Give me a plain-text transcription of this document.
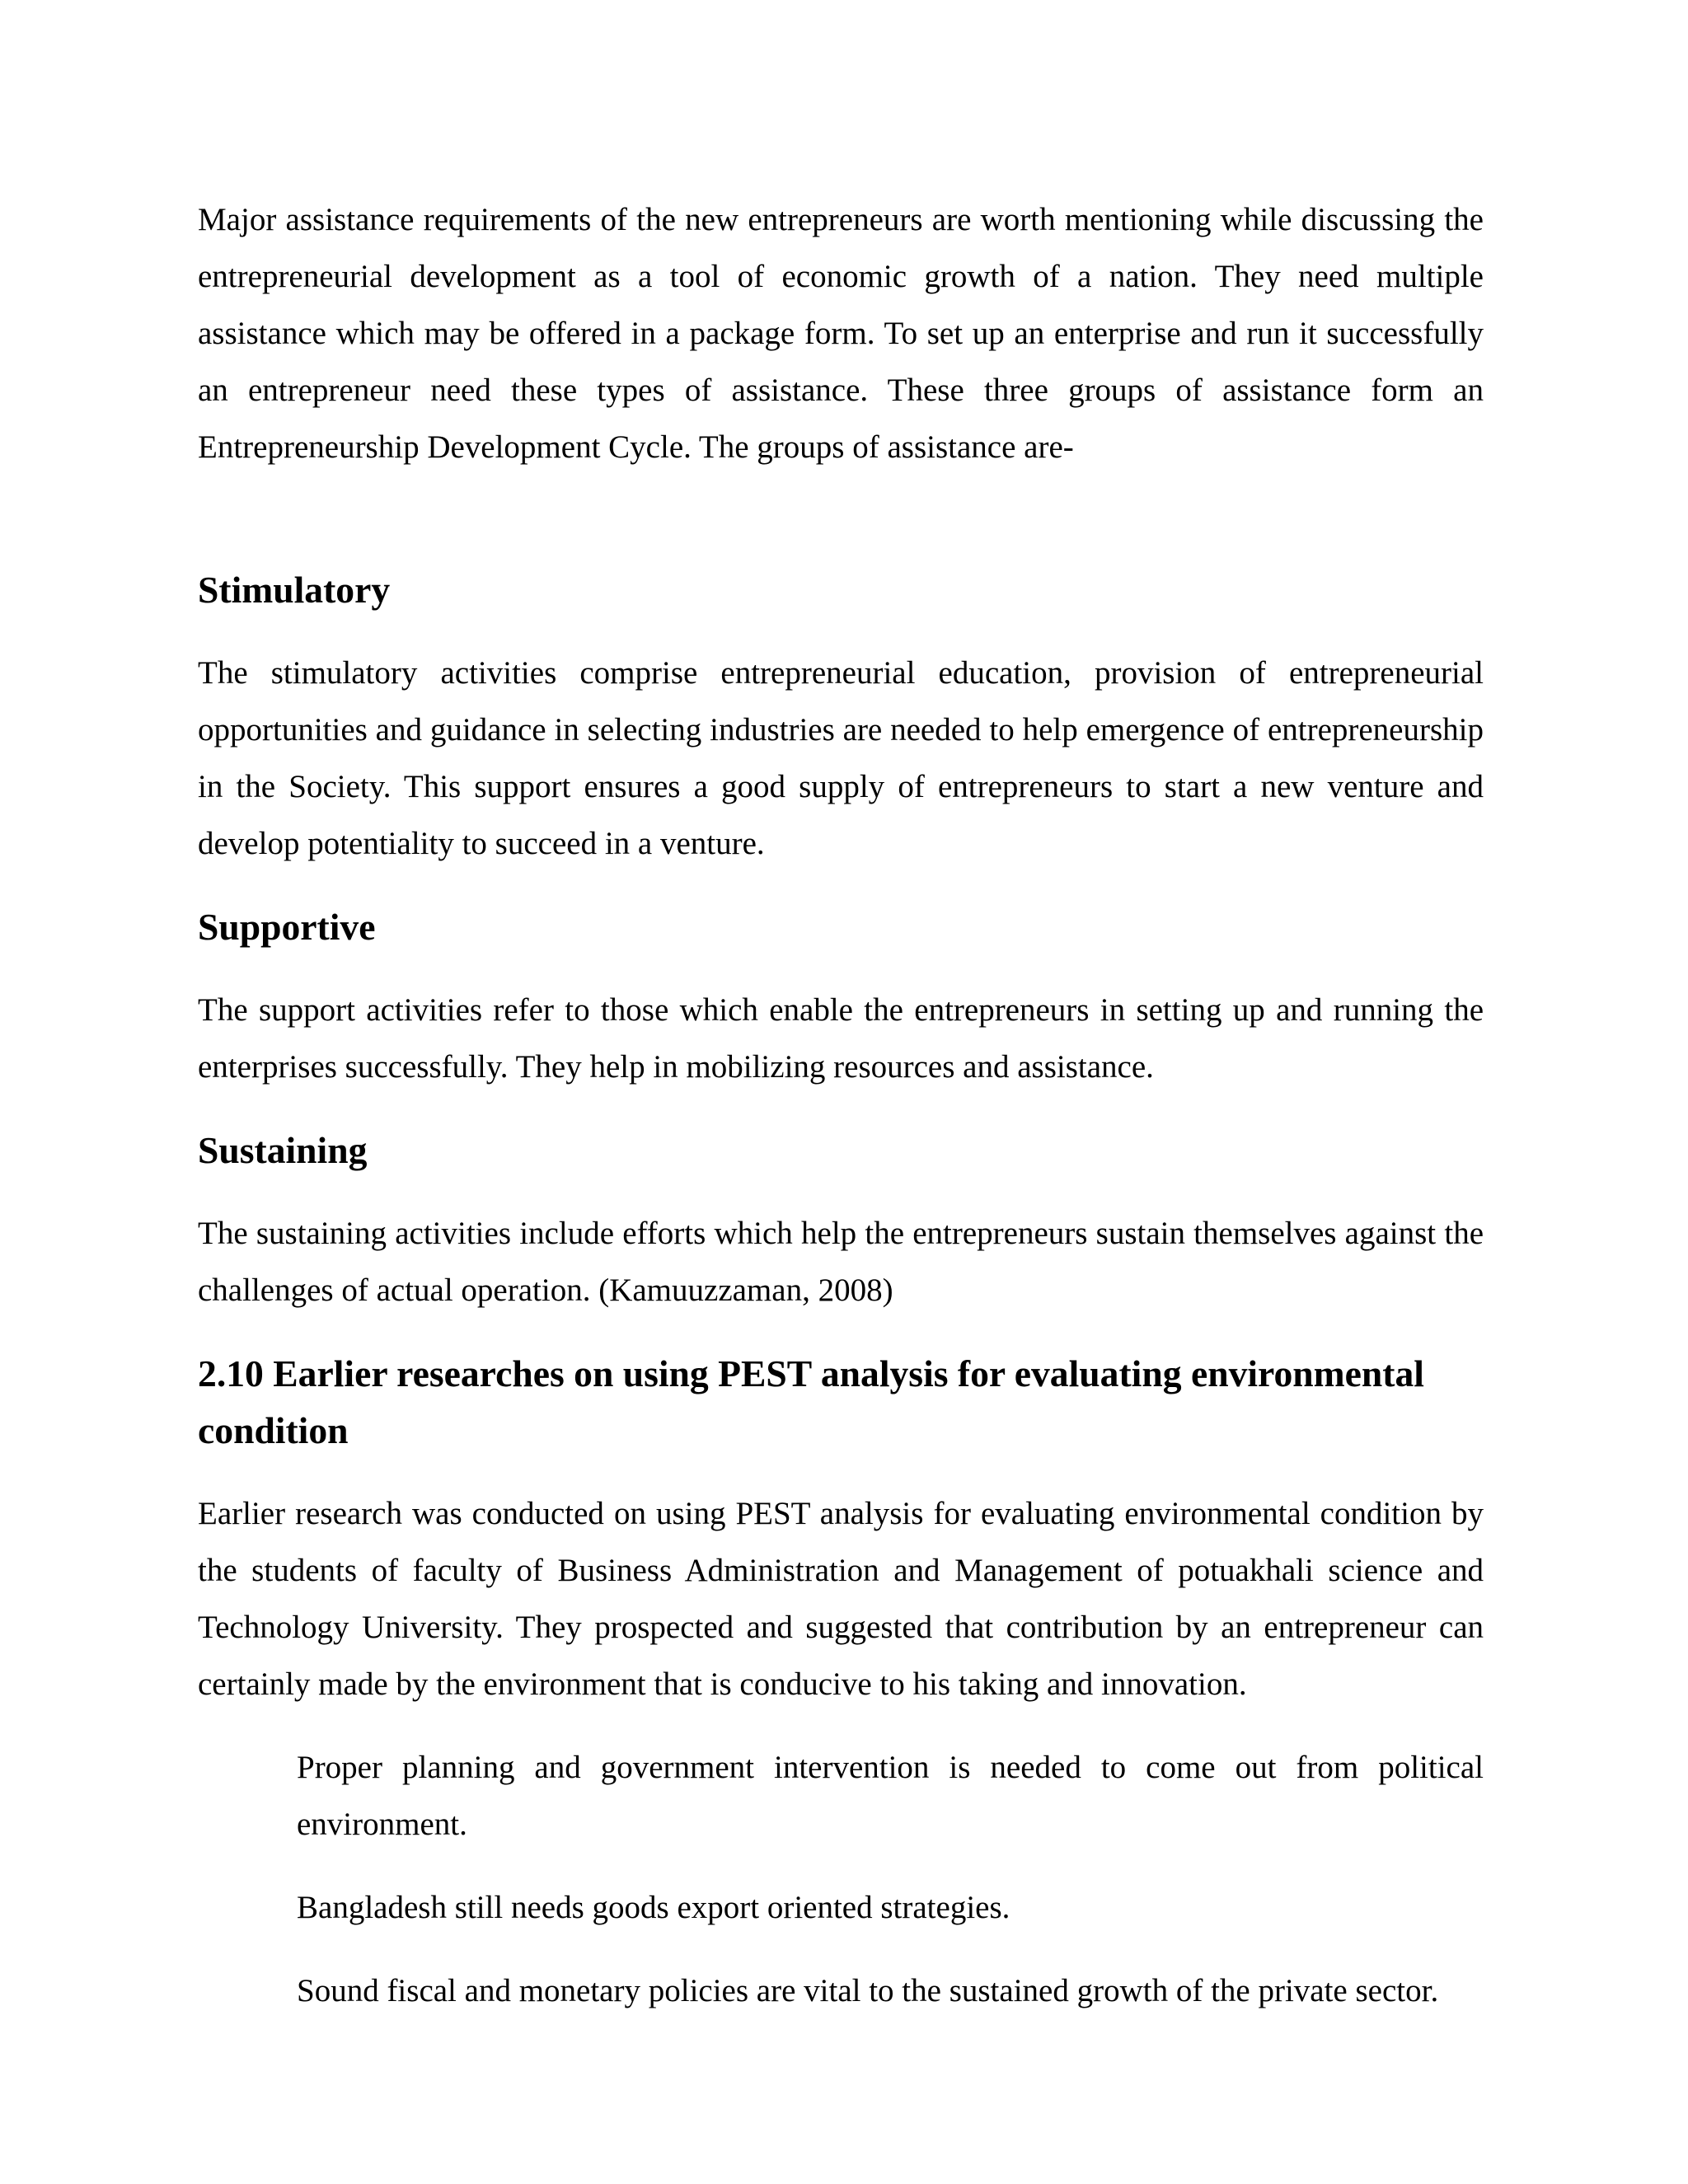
Major assistance requirements of the new entrepreneurs are worth mentioning while discussing the entrepreneurial development as a tool of economic growth of a nation. They need multiple assistance which may be offered in a package form. To set up an enterprise and run it successfully an entrepreneur need these types of assistance. These three groups of assistance form an Entrepreneurship Development Cycle. The groups of assistance are-

Stimulatory

The stimulatory activities comprise entrepreneurial education, provision of entrepreneurial opportunities and guidance in selecting industries are needed to help emergence of entrepreneurship in the Society. This support ensures a good supply of entrepreneurs to start a new venture and develop potentiality to succeed in a venture.

Supportive

The support activities refer to those which enable the entrepreneurs in setting up and running the enterprises successfully. They help in mobilizing resources and assistance.

Sustaining

The sustaining activities include efforts which help the entrepreneurs sustain themselves against the challenges of actual operation. (Kamuuzzaman, 2008)

2.10 Earlier researches on using PEST analysis for evaluating environmental condition

Earlier research was conducted on using PEST analysis for evaluating environmental condition by the students of faculty of Business Administration and Management of potuakhali science and Technology University. They prospected and suggested that contribution by an entrepreneur can certainly made by the environment that is conducive to his taking and innovation.

Proper planning and government intervention is needed to come out from political environment.

Bangladesh still needs goods export oriented strategies.

Sound fiscal and monetary policies are vital to the sustained growth of the private sector.
